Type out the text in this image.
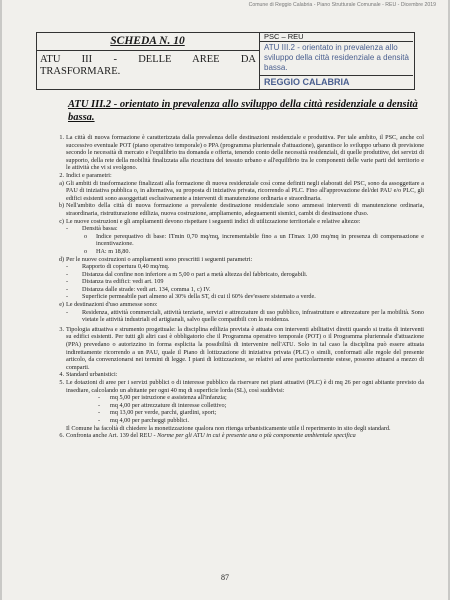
Comune di Reggio Calabria - Piano Strutturale Comunale - REU - Dicembre 2019
SCHEDA N. 10
ATU III - DELLE AREE DA
TRASFORMARE.
PSC – REU
ATU III.2 - orientato in prevalenza allo sviluppo della città residenziale a densità bassa.
REGGIO CALABRIA
ATU III.2 - orientato in prevalenza allo sviluppo della città residenziale a densità bassa.

1. La città di nuova formazione è caratterizzata dalla prevalenza delle destinazioni residenziale e produttiva. Per tale ambito, il PSC, anche col successivo eventuale POT (piano operativo temporale) o PPA (programma pluriennale d'attuazione), garantisce lo sviluppo urbano di previsione secondo le necessità di mercato e l'equilibrio tra domanda e offerta, tenendo conto delle necessità residenziali, di quelle produttive, dei servizi di supporto, della rete della mobilità finalizzata alla ricucitura del tessuto urbano e all'equilibrio tra le componenti delle varie parti del territorio e le attività che vi si svolgono.

2. Indici e parametri:

a) Gli ambiti di trasformazione finalizzati alla formazione di nuova residenziale così come definiti negli elaborati del PSC, sono da assoggettare a PAU di iniziativa pubblica o, in alternativa, su proposta di iniziativa privata, ricorrendo al PLC. Fino all'approvazione del/dei PAU e/o PLC, gli edifici esistenti sono assoggettati esclusivamente a interventi di manutenzione ordinaria e straordinaria.

b) Nell'ambito della città di nuova formazione a prevalente destinazione residenziale sono ammessi interventi di manutenzione ordinaria, straordinaria, ristrutturazione edilizia, nuova costruzione, ampliamento, adeguamenti sismici, cambi di destinazione d'uso.

c) Le nuove costruzioni e gli ampliamenti devono rispettare i seguenti indici di utilizzazione territoriale e relative altezze:

- Densità bassa:

o Indice perequativo di base: ITmin 0,70 mq/mq, incrementabile fino a un ITmax 1,00 mq/mq in presenza di compensazione e incentivazione.

o HA: m 18,80.

d) Per le nuove costruzioni o ampliamenti sono prescritti i seguenti parametri:

- Rapporto di copertura 0,40 mq/mq.

- Distanza dal confine non inferiore a m 5,00 o pari a metà altezza del fabbricato, derogabili.

- Distanza tra edifici: vedi art. 109

- Distanza dalle strade: vedi art. 134, comma 1, c) IV.

- Superficie permeabile pari almeno al 30% della ST, di cui il 60% dev'essere sistemato a verde.

e) Le destinazioni d'uso ammesse sono:

- Residenza, attività commerciali, attività terziarie, servizi e attrezzature di uso pubblico, infrastrutture e attrezzature per la mobilità. Sono vietate le attività industriali ed artigianali, salvo quelle compatibili con la residenza.

3. Tipologia attuativa e strumento progettuale: la disciplina edilizia prevista è attuata con interventi abilitativi diretti quando si tratta di interventi su edifici esistenti. Per tutti gli altri casi è obbligatorio che il Programma operativo temporale (POT) o il Programma pluriennale d'attuazione (PPA) prevedano o autorizzino in forma esplicita la possibilità di intervenire nell'ATU. Solo in tal caso la disciplina può essere attuata indirettamente ricorrendo a un PAU, quale il Piano di lottizzazione di iniziativa privata (PLC) o simili, conformati alle regole del presente articolo, da convenzionarsi nei termini di legge. I piani di lottizzazione, se relativi ad aree particolarmente estese, possono attuarsi a mezzo di comparti.

4. Standard urbanistici:

5. Le dotazioni di aree per i servizi pubblici o di interesse pubblico da riservare nei piani attuativi (PLC) è di mq 26 per ogni abitante previsto da insediare, calcolando un abitante per ogni 40 mq di superficie lorda (SL), così suddivisi:

- mq 5,00 per istruzione e assistenza all'infanzia;

- mq 4,00 per attrezzature di interesse collettivo;

- mq 13,00 per verde, parchi, giardini, sport;

- mq 4,00 per parcheggi pubblici.

Il Comune ha facoltà di chiedere la monetizzazione qualora non ritenga urbanisticamente utile il reperimento in sito degli standard.

6. Confronta anche Art. 139 del REU - Norme per gli ATU in cui è presente una o più componente ambientale specifica

87
